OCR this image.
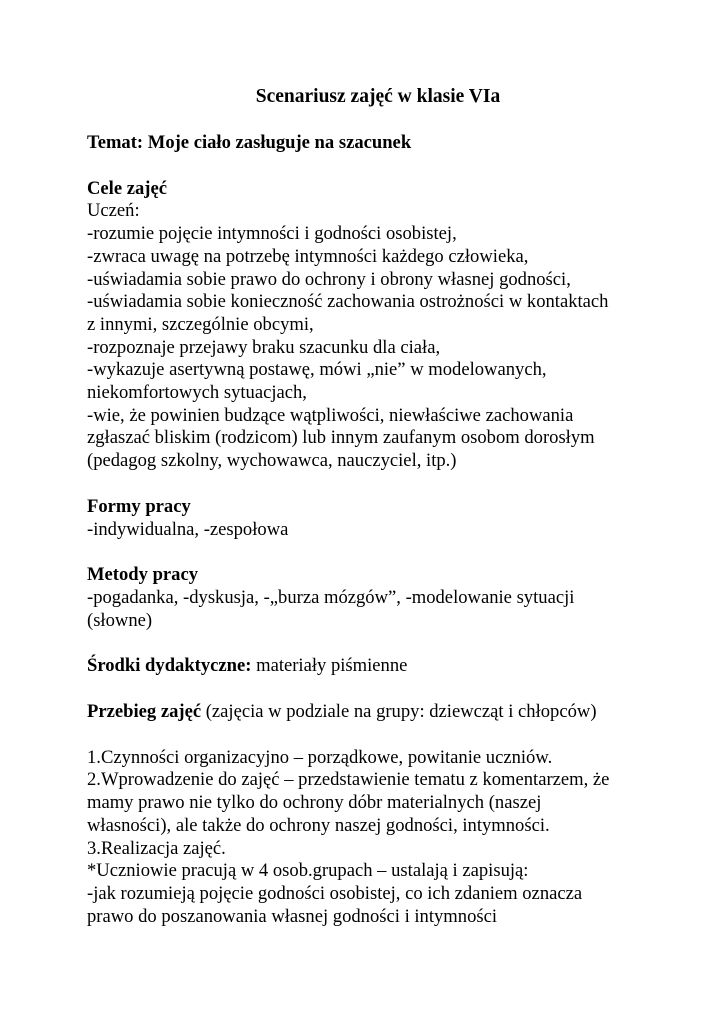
Scenariusz zajęć w klasie VIa
Temat: Moje ciało zasługuje na szacunek
Cele zajęć
Uczeń:
-rozumie pojęcie intymności i godności osobistej,
-zwraca uwagę na potrzebę intymności każdego człowieka,
-uświadamia sobie prawo do ochrony i obrony własnej godności,
-uświadamia sobie konieczność zachowania ostrożności w kontaktach
z innymi, szczególnie obcymi,
-rozpoznaje przejawy braku szacunku dla ciała,
-wykazuje asertywną postawę, mówi „nie” w modelowanych,
niekomfortowych sytuacjach,
-wie, że powinien budzące wątpliwości, niewłaściwe zachowania
zgłaszać bliskim (rodzicom) lub innym zaufanym osobom dorosłym
(pedagog szkolny, wychowawca, nauczyciel, itp.)
Formy pracy
-indywidualna, -zespołowa
Metody pracy
-pogadanka, -dyskusja, -„burza mózgów”, -modelowanie sytuacji
(słowne)
Środki dydaktyczne: materiały piśmienne
Przebieg zajęć (zajęcia w podziale na grupy: dziewcząt i chłopców)
1.Czynności organizacyjno – porządkowe, powitanie uczniów.
2.Wprowadzenie do zajęć – przedstawienie tematu z komentarzem, że
mamy prawo nie tylko do ochrony dóbr materialnych (naszej
własności), ale także do ochrony naszej godności, intymności.
3.Realizacja zajęć.
*Uczniowie pracują w 4 osob.grupach – ustalają i zapisują:
-jak rozumieją pojęcie godności osobistej, co ich zdaniem oznacza
prawo do poszanowania własnej godności i intymności
